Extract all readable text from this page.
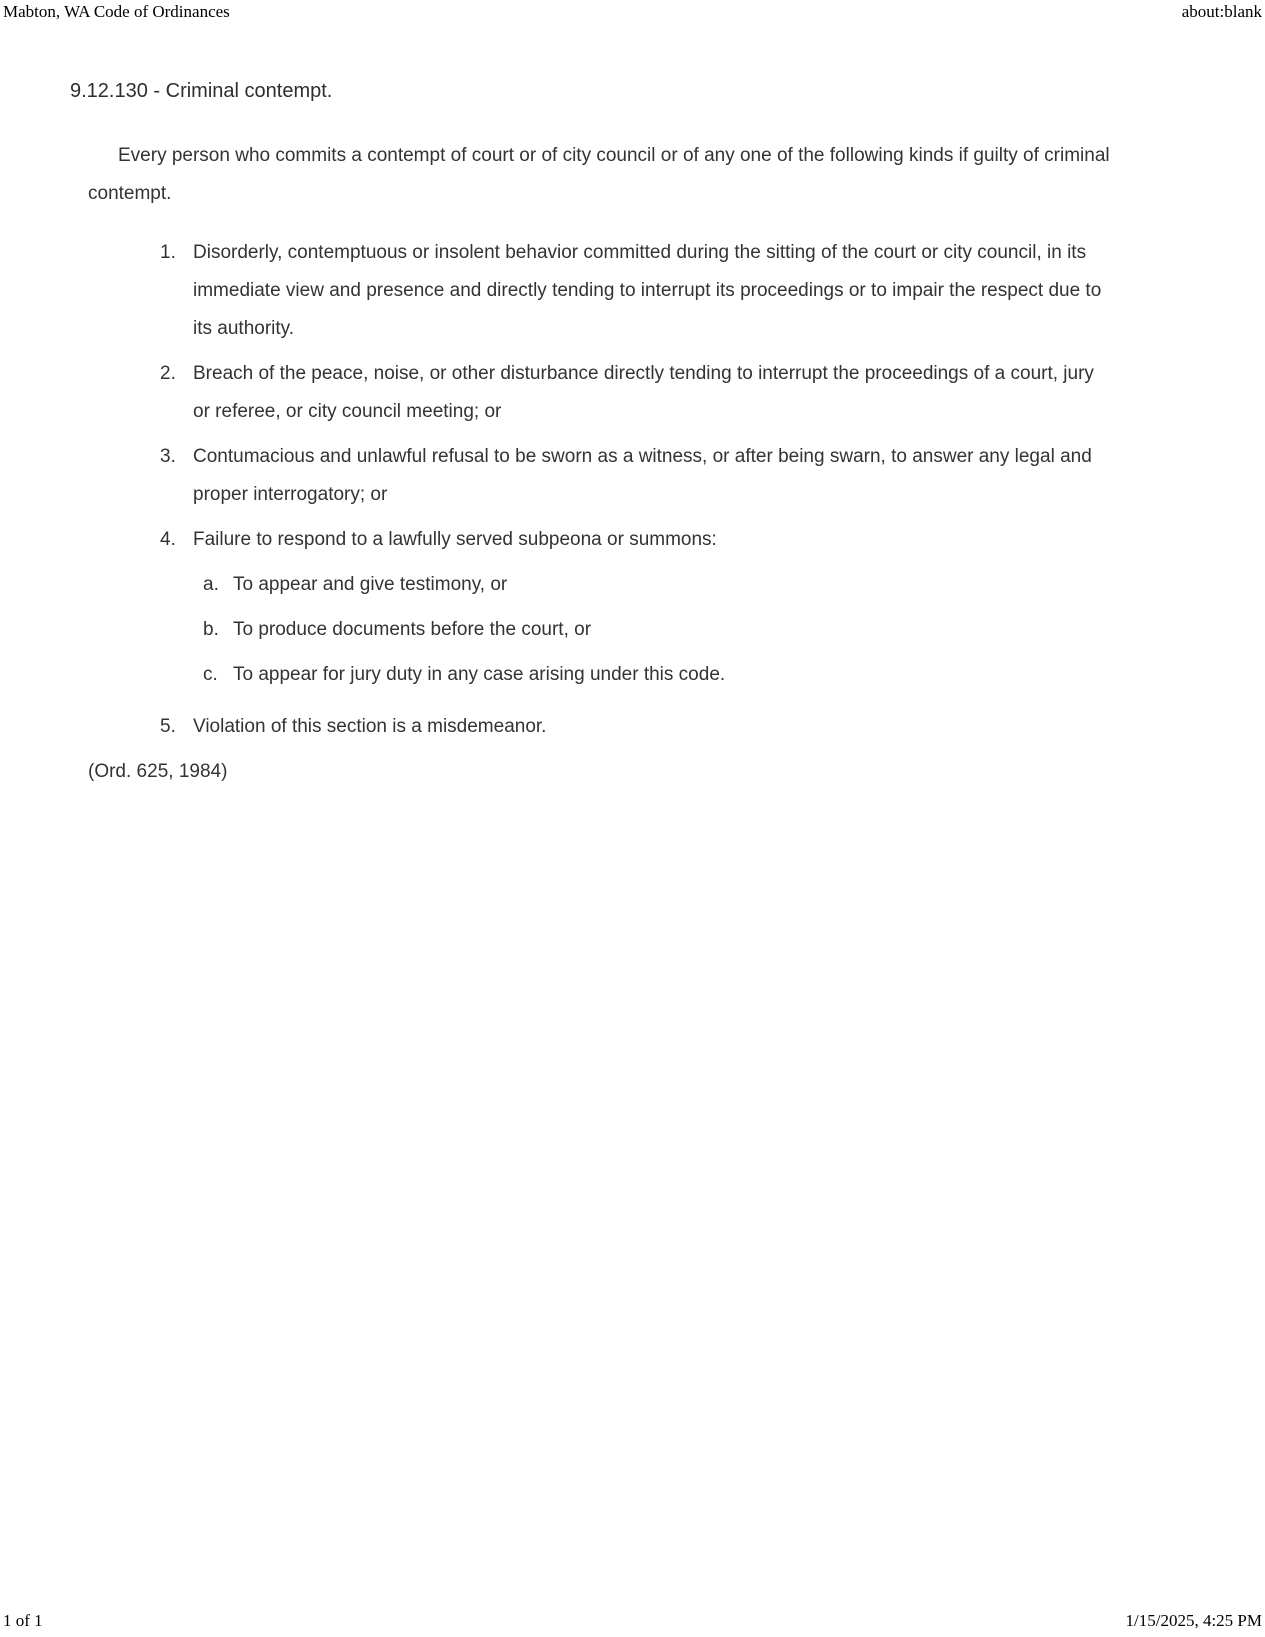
Mabton, WA Code of Ordinances	about:blank
9.12.130 - Criminal contempt.

Every person who commits a contempt of court or of city council or of any one of the following kinds if guilty of criminal contempt.

1. Disorderly, contemptuous or insolent behavior committed during the sitting of the court or city council, in its immediate view and presence and directly tending to interrupt its proceedings or to impair the respect due to its authority.
2. Breach of the peace, noise, or other disturbance directly tending to interrupt the proceedings of a court, jury or referee, or city council meeting; or
3. Contumacious and unlawful refusal to be sworn as a witness, or after being swarn, to answer any legal and proper interrogatory; or
4. Failure to respond to a lawfully served subpeona or summons:
a. To appear and give testimony, or
b. To produce documents before the court, or
c. To appear for jury duty in any case arising under this code.
5. Violation of this section is a misdemeanor.

(Ord. 625, 1984)

1 of 1	1/15/2025, 4:25 PM
